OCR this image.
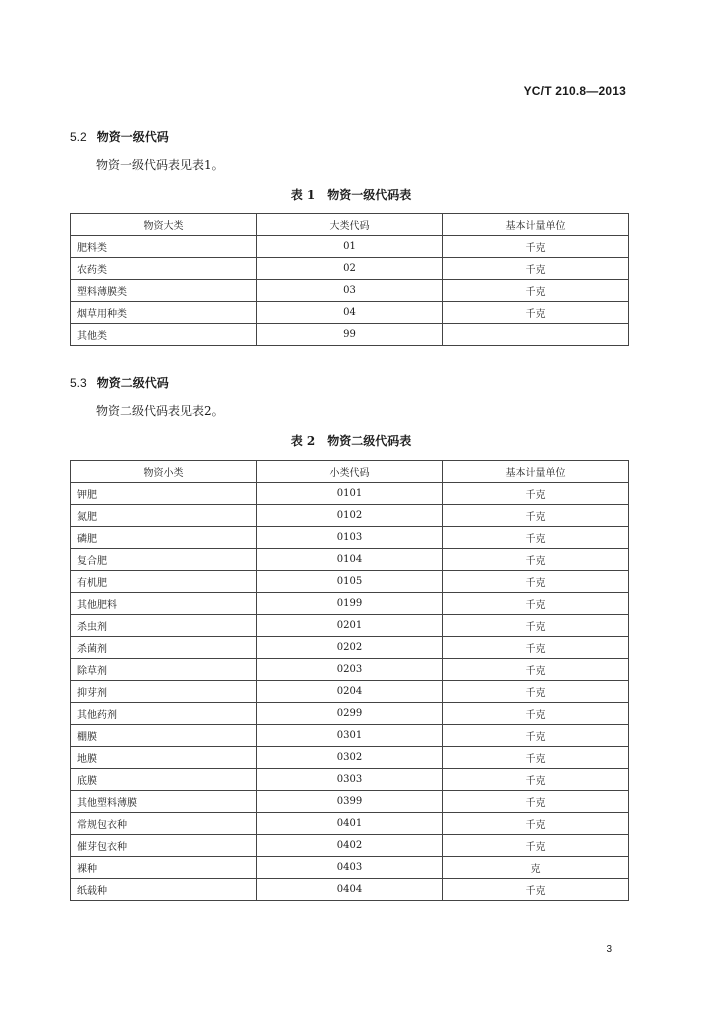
YC/T 210.8—2013
5.2 物资一级代码
物资一级代码表见表1。
表 1 物资一级代码表
物资大类	大类代码	基本计量单位
肥料类	01	千克
农药类	02	千克
塑料薄膜类	03	千克
烟草用种类	04	千克
其他类	99	
5.3 物资二级代码
物资二级代码表见表2。
表 2 物资二级代码表
物资小类	小类代码	基本计量单位
钾肥	0101	千克
氮肥	0102	千克
磷肥	0103	千克
复合肥	0104	千克
有机肥	0105	千克
其他肥料	0199	千克
杀虫剂	0201	千克
杀菌剂	0202	千克
除草剂	0203	千克
抑芽剂	0204	千克
其他药剂	0299	千克
棚膜	0301	千克
地膜	0302	千克
底膜	0303	千克
其他塑料薄膜	0399	千克
常规包衣种	0401	千克
催芽包衣种	0402	千克
裸种	0403	克
纸载种	0404	千克
3
